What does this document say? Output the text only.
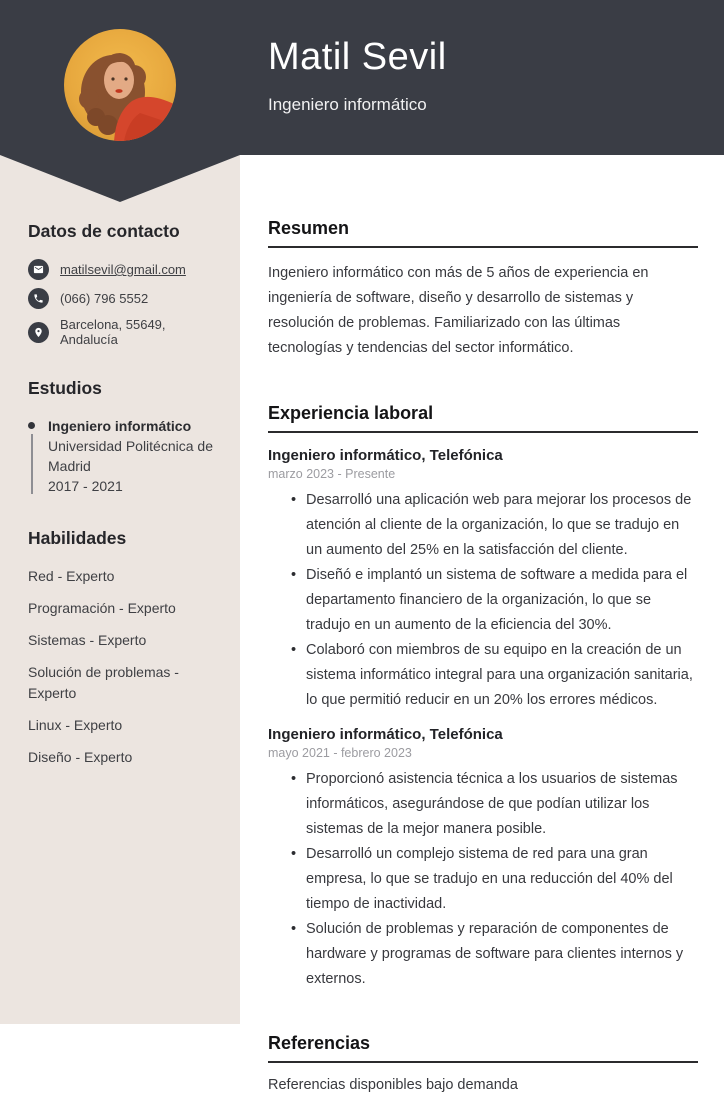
Matil Sevil
Ingeniero informático
Datos de contacto
matilsevil@gmail.com
(066) 796 5552
Barcelona, 55649, Andalucía
Estudios
Ingeniero informático
Universidad Politécnica de Madrid
2017 - 2021
Habilidades
Red - Experto
Programación - Experto
Sistemas - Experto
Solución de problemas - Experto
Linux - Experto
Diseño - Experto
Resumen

Ingeniero informático con más de 5 años de experiencia en ingeniería de software, diseño y desarrollo de sistemas y resolución de problemas. Familiarizado con las últimas tecnologías y tendencias del sector informático.

Experiencia laboral
Ingeniero informático, Telefónica
marzo 2023 - Presente
• Desarrolló una aplicación web para mejorar los procesos de atención al cliente de la organización, lo que se tradujo en un aumento del 25% en la satisfacción del cliente.
• Diseñó e implantó un sistema de software a medida para el departamento financiero de la organización, lo que se tradujo en un aumento de la eficiencia del 30%.
• Colaboró con miembros de su equipo en la creación de un sistema informático integral para una organización sanitaria, lo que permitió reducir en un 20% los errores médicos.
Ingeniero informático, Telefónica
mayo 2021 - febrero 2023
• Proporcionó asistencia técnica a los usuarios de sistemas informáticos, asegurándose de que podían utilizar los sistemas de la mejor manera posible.
• Desarrolló un complejo sistema de red para una gran empresa, lo que se tradujo en una reducción del 40% del tiempo de inactividad.
• Solución de problemas y reparación de componentes de hardware y programas de software para clientes internos y externos.
Referencias

Referencias disponibles bajo demanda
